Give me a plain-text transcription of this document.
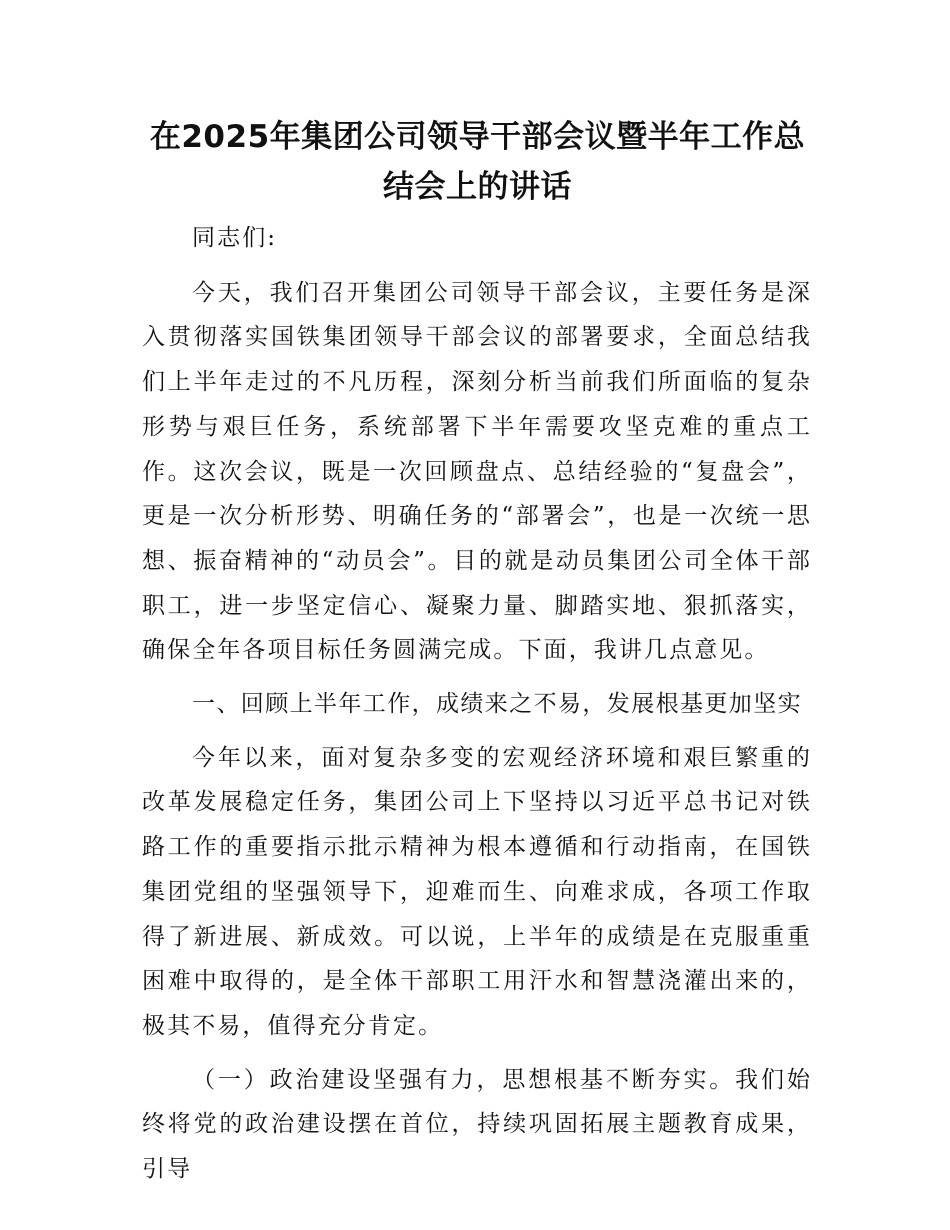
在2025年集团公司领导干部会议暨半年工作总结会上的讲话

同志们:

今天，我们召开集团公司领导干部会议，主要任务是深入贯彻落实国铁集团领导干部会议的部署要求，全面总结我们上半年走过的不凡历程，深刻分析当前我们所面临的复杂形势与艰巨任务，系统部署下半年需要攻坚克难的重点工作。这次会议，既是一次回顾盘点、总结经验的“复盘会”，更是一次分析形势、明确任务的“部署会”，也是一次统一思想、振奋精神的“动员会”。目的就是动员集团公司全体干部职工，进一步坚定信心、凝聚力量、脚踏实地、狠抓落实，确保全年各项目标任务圆满完成。下面，我讲几点意见。

一、回顾上半年工作，成绩来之不易，发展根基更加坚实

今年以来，面对复杂多变的宏观经济环境和艰巨繁重的改革发展稳定任务，集团公司上下坚持以习近平总书记对铁路工作的重要指示批示精神为根本遵循和行动指南，在国铁集团党组的坚强领导下，迎难而生、向难求成，各项工作取得了新进展、新成效。可以说，上半年的成绩是在克服重重困难中取得的，是全体干部职工用汗水和智慧浇灌出来的，极其不易，值得充分肯定。

（一）政治建设坚强有力，思想根基不断夯实。我们始终将党的政治建设摆在首位，持续巩固拓展主题教育成果，引导
